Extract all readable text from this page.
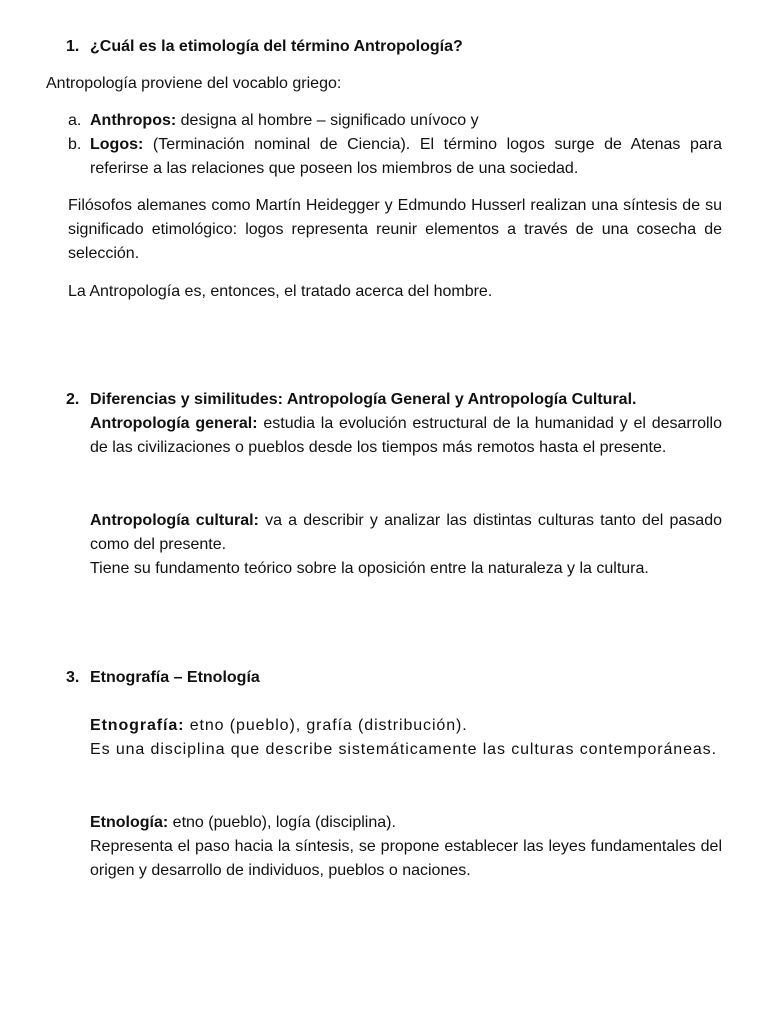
1. ¿Cuál es la etimología del término Antropología?
Antropología proviene del vocablo griego:
a. Anthropos: designa al hombre – significado unívoco y
b. Logos: (Terminación nominal de Ciencia). El término logos surge de Atenas para referirse a las relaciones que poseen los miembros de una sociedad.
Filósofos alemanes como Martín Heidegger y Edmundo Husserl realizan una síntesis de su significado etimológico: logos representa reunir elementos a través de una cosecha de selección.
La Antropología es, entonces, el tratado acerca del hombre.
2. Diferencias y similitudes: Antropología General y Antropología Cultural.
Antropología general: estudia la evolución estructural de la humanidad y el desarrollo de las civilizaciones o pueblos desde los tiempos más remotos hasta el presente.
Antropología cultural: va a describir y analizar las distintas culturas tanto del pasado como del presente.
Tiene su fundamento teórico sobre la oposición entre la naturaleza y la cultura.
3. Etnografía – Etnología
Etnografía: etno (pueblo), grafía (distribución).
Es una disciplina que describe sistemáticamente las culturas contemporáneas.
Etnología: etno (pueblo), logía (disciplina).
Representa el paso hacia la síntesis, se propone establecer las leyes fundamentales del origen y desarrollo de individuos, pueblos o naciones.
